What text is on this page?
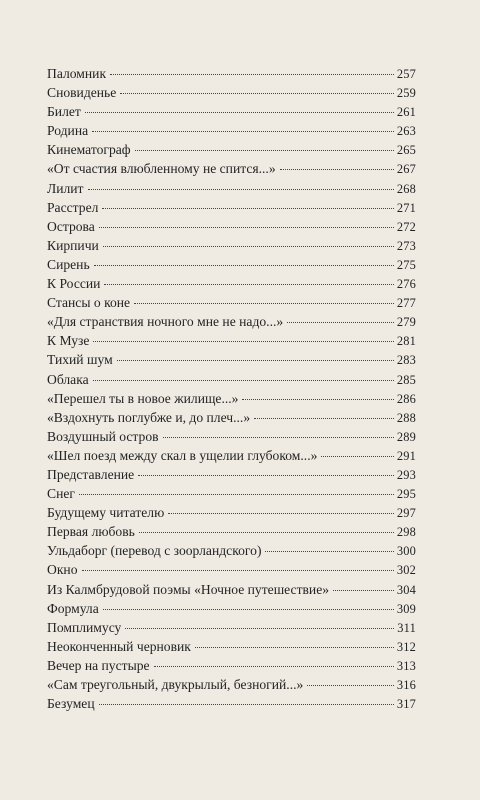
Паломник	257
Сновиденье	259
Билет	261
Родина	263
Кинематограф	265
«От счастия влюбленному не спится...»	267
Лилит	268
Расстрел	271
Острова	272
Кирпичи	273
Сирень	275
К России	276
Стансы о коне	277
«Для странствия ночного мне не надо...»	279
К Музе	281
Тихий шум	283
Облака	285
«Перешел ты в новое жилище...»	286
«Вздохнуть поглубже и, до плеч...»	288
Воздушный остров	289
«Шел поезд между скал в ущелии глубоком...»	291
Представление	293
Снег	295
Будущему читателю	297
Первая любовь	298
Ульдаборг (перевод с зоорландского)	300
Окно	302
Из Калмбрудовой поэмы «Ночное путешествие»	304
Формула	309
Помплимусу	311
Неоконченный черновик	312
Вечер на пустыре	313
«Сам треугольный, двукрылый, безногий...»	316
Безумец	317
